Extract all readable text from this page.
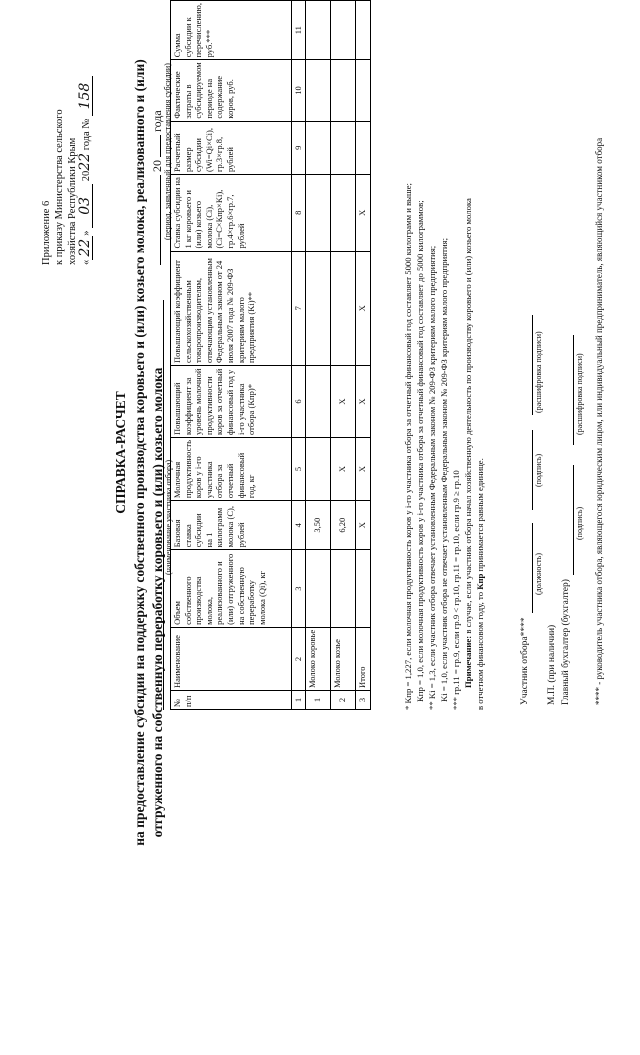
Приложение 6 к приказу Министерства сельского хозяйства Республики Крым «22» 03 2022 года № 158
СПРАВКА-РАСЧЕТ на предоставление субсидии на поддержку собственного производства коровьего и (или) козьего молока, реализованного и (или) отгруженного на собственную переработку коровьего и (или) козьего молока
20  года (период, заявленный для предоставления субсидии)
(наименование участника отбора)
№ п/п	Наименование	Объем собственного производства молока, реализованного и (или) отгруженного на собственную переработку молока (Qi), кг	Базовая ставка субсидии на 1 килограмм молока (C), рублей	Молочная продуктивность коров у i-го участника отбора за отчетный финансовый год, кг	Повышающий коэффициент за уровень молочной продуктивности коров за отчетный финансовый год у i-го участника отбора (Кпр)*	Повышающий коэффициент сельскохозяйственным товаропроизводителям, отвечающим установленным Федеральным законом от 24 июля 2007 года № 209-ФЗ критериям малого предприятия (Ki)**	Ставка субсидии на 1 кг коровьего и (или) козьего молока (Ci), (Ci=C×Кпр×Ki), гр.4×гр.6×гр.7, рублей	Расчетный размер субсидии (Wi=Qi×Ci), гр.3×гр.8, рублей	Фактические затраты в субсидируемом периоде на содержание коров, руб.	Сумма субсидии к перечислению, руб.***
1	2	3	4	5	6	7	8	9	10	11
1	Молоко коровье		3,50							
2	Молоко козье		6,20	X	X					
3	Итого		X	X	X	X	X				* Кпр = 1,227, если молочная продуктивность коров у i-го участника отбора за отчетный финансовый год составляет 5000 килограмм и выше; Кпр = 1,0, если молочная продуктивность коров у i-го участника отбора за отчетный финансовый год составляет до 5000 килограммов; ** Ki = 1,3, если участник отбора отвечает установленным Федеральным законом № 209-ФЗ критериям малого предприятия; Ki = 1,0, если участник отбора не отвечает установленным Федеральным законом № 209-ФЗ критериям малого предприятия; *** гр.11 = гр.9, если гр.9 < гр.10, гр.11 = гр.10, если гр.9 ≥ гр.10 Примечание: в случае, если участник отбора начал хозяйственную деятельность по производству коровьего и (или) козьего молока
в отчетном финансовом году, то Кпр принимается равным единице.
Участник отбора****
(должность)
(подпись)
(расшифровка подписи)
М.П. (при наличии) Главный бухгалтер (бухгалтер)
(подпись)
(расшифровка подписи) **** - руководитель участника отбора, являющегося юридическим лицом, или индивидуальный предприниматель, являющийся участником отбора
